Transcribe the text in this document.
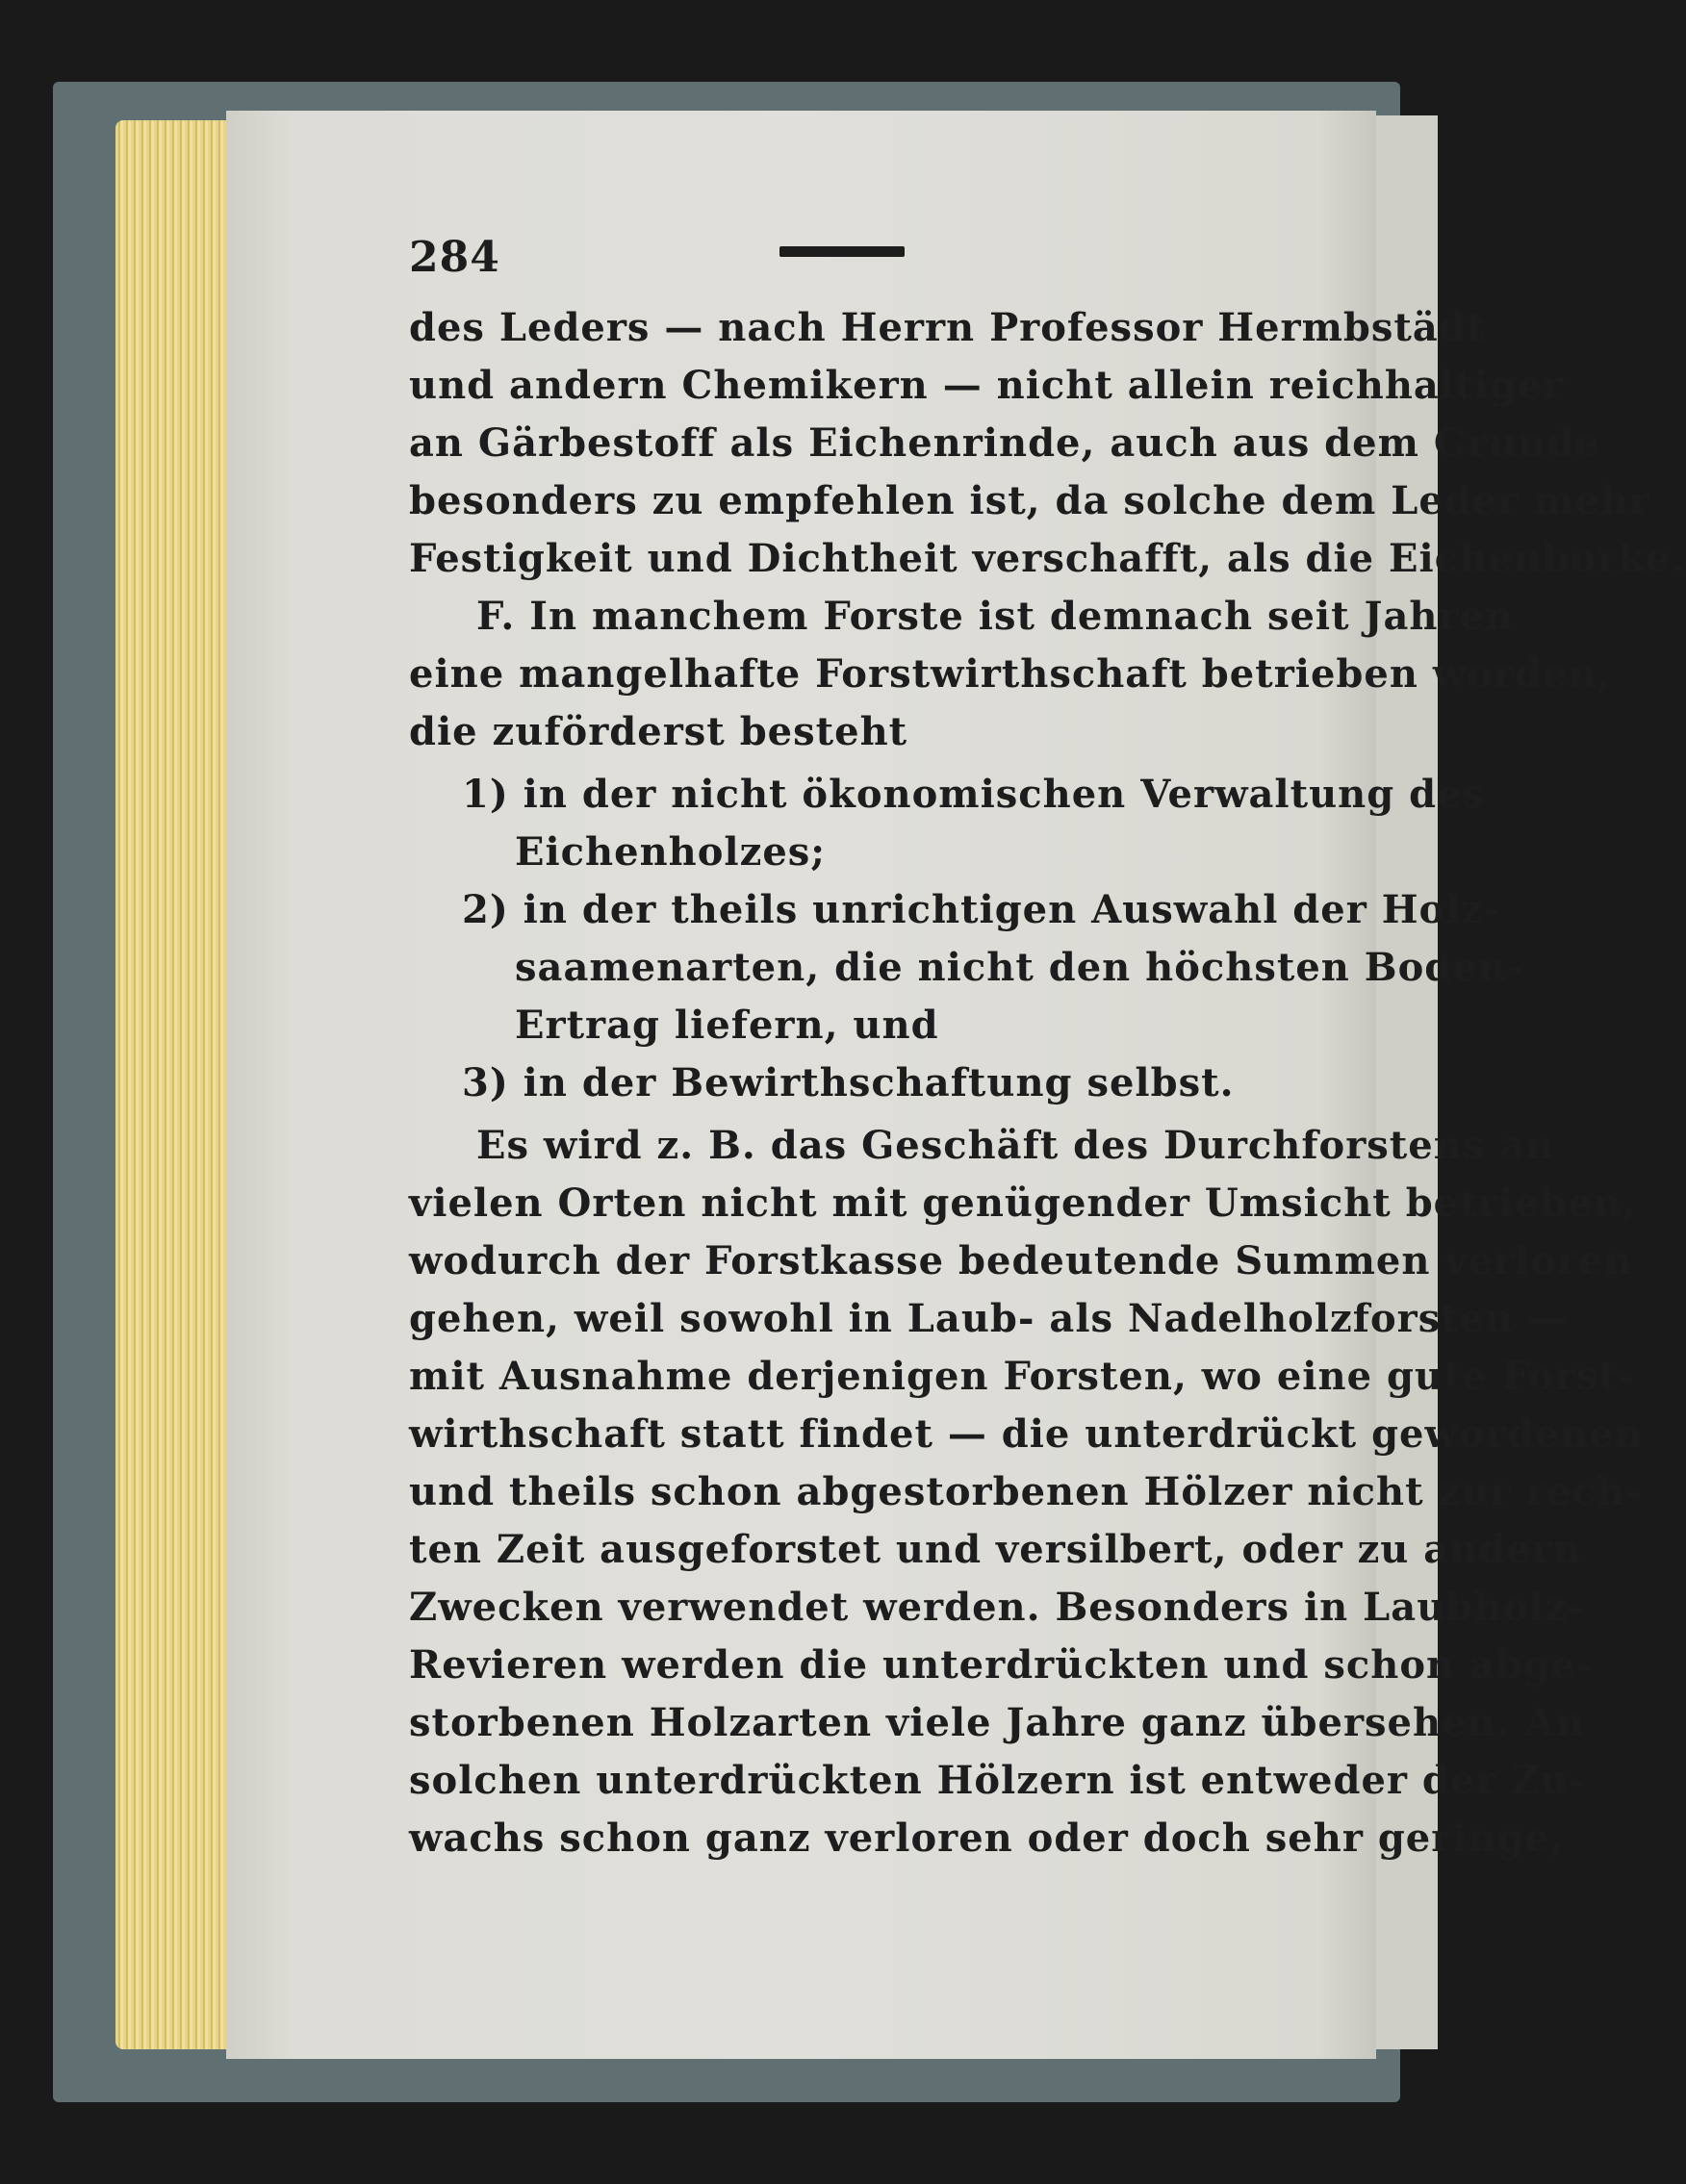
284
des Leders — nach Herrn Professor Hermbstädt
und andern Chemikern — nicht allein reichhaltiger
an Gärbestoff als Eichenrinde, auch aus dem Grunde
besonders zu empfehlen ist, da solche dem Leder mehr
Festigkeit und Dichtheit verschafft, als die Eichenborke.
F. In manchem Forste ist demnach seit Jahren
eine mangelhafte Forstwirthschaft betrieben worden,
die zuförderst besteht
1) in der nicht ökonomischen Verwaltung des
Eichenholzes;
2) in der theils unrichtigen Auswahl der Holz-
saamenarten, die nicht den höchsten Boden-
Ertrag liefern, und
3) in der Bewirthschaftung selbst.
Es wird z. B. das Geschäft des Durchforstens an
vielen Orten nicht mit genügender Umsicht betrieben,
wodurch der Forstkasse bedeutende Summen verloren
gehen, weil sowohl in Laub- als Nadelholzforsten —
mit Ausnahme derjenigen Forsten, wo eine gute Forst-
wirthschaft statt findet — die unterdrückt gewordenen
und theils schon abgestorbenen Hölzer nicht zur rech-
ten Zeit ausgeforstet und versilbert, oder zu andern
Zwecken verwendet werden. Besonders in Laubholz-
Revieren werden die unterdrückten und schon abge-
storbenen Holzarten viele Jahre ganz übersehen. An
solchen unterdrückten Hölzern ist entweder der Zu-
wachs schon ganz verloren oder doch sehr geringe,
